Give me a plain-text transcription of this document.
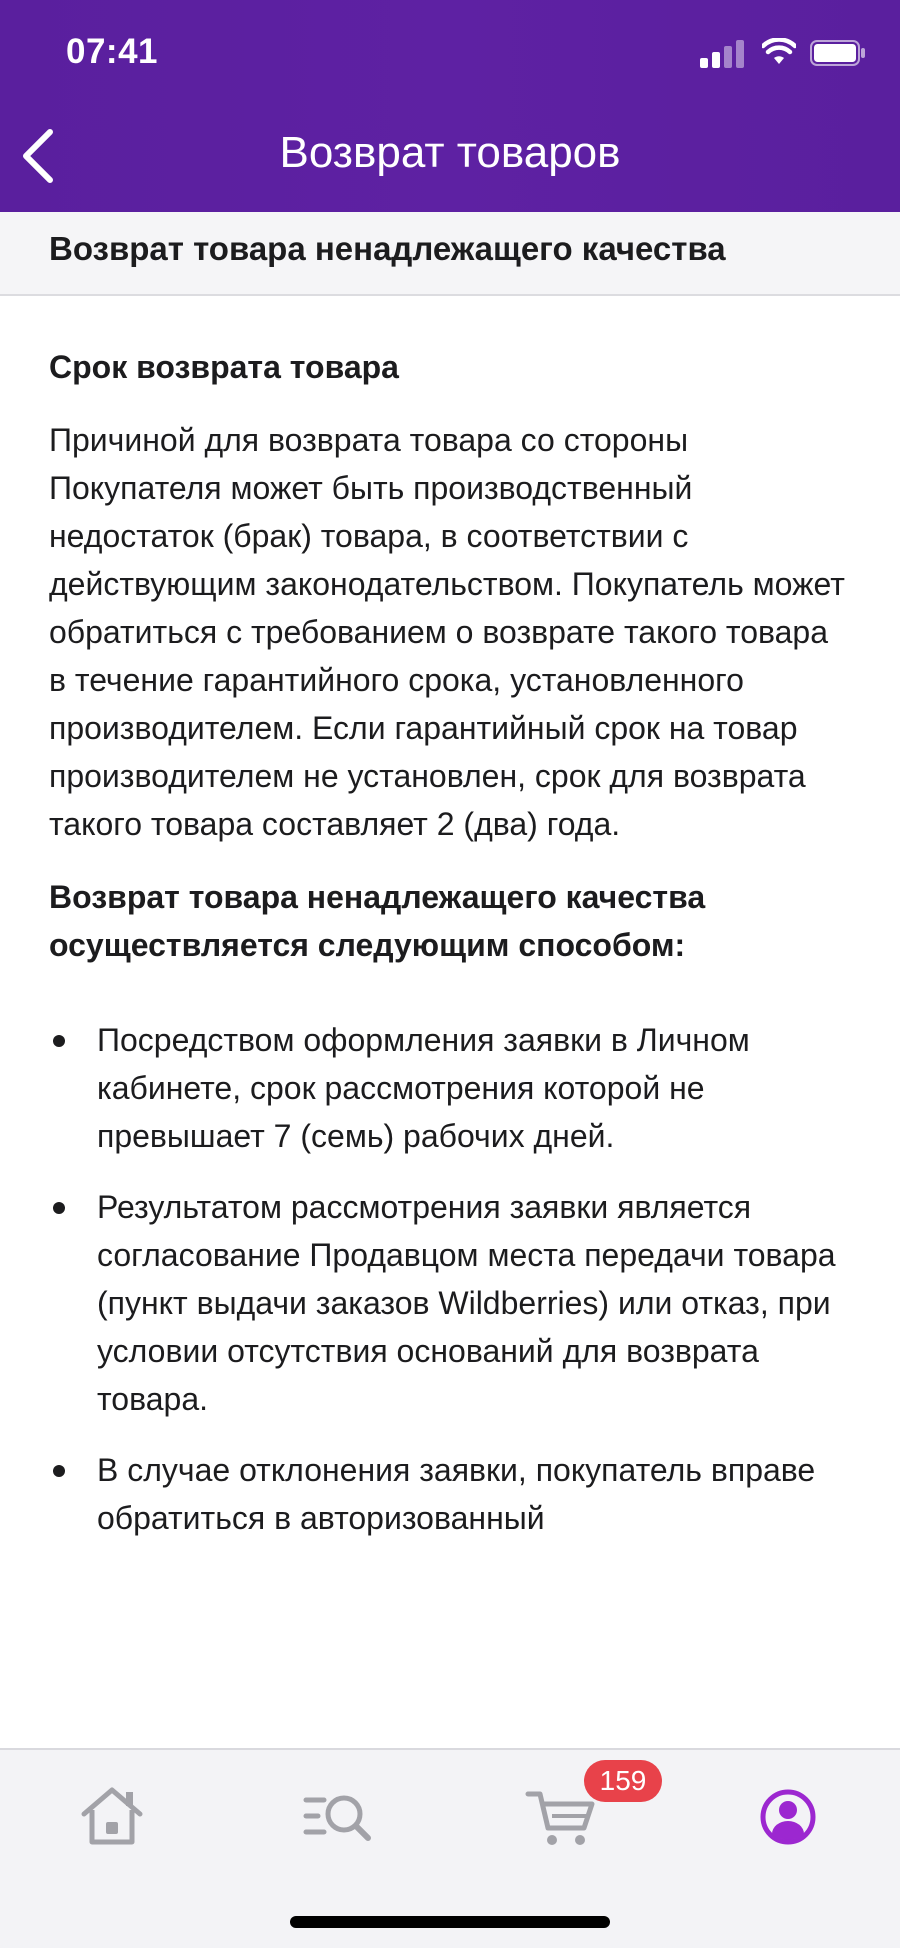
07:41
Возврат товаров
Возврат товара ненадлежащего качества
Срок возврата товара
Причиной для возврата товара со стороны Покупателя может быть производственный недостаток (брак) товара, в соответствии с действующим законодательством. Покупатель может обратиться с требованием о возврате такого товара в течение гарантийного срока, установленного производителем. Если гарантийный срок на товар производителем не установлен, срок для возврата такого товара составляет 2 (два) года.
Возврат товара ненадлежащего качества осуществляется следующим способом:
Посредством оформления заявки в Личном кабинете, срок рассмотрения которой не превышает 7 (семь) рабочих дней.
Результатом рассмотрения заявки является согласование Продавцом места передачи товара (пункт выдачи заказов Wildberries) или отказ, при условии отсутствия оснований для возврата товара.
В случае отклонения заявки, покупатель вправе обратиться в авторизованный
159
